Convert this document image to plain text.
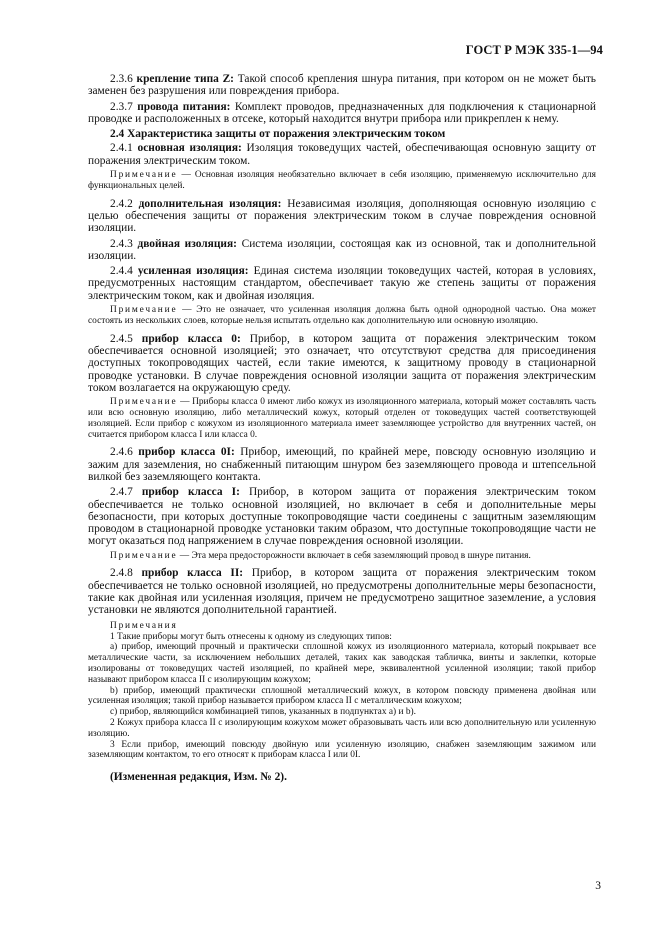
ГОСТ Р МЭК 335-1—94

2.3.6 крепление типа Z: Такой способ крепления шнура питания, при котором он не может быть заменен без разрушения или повреждения прибора.

2.3.7 провода питания: Комплект проводов, предназначенных для подключения к стационарной проводке и расположенных в отсеке, который находится внутри прибора или прикреплен к нему.

2.4 Характеристика защиты от поражения электрическим током

2.4.1 основная изоляция: Изоляция токоведущих частей, обеспечивающая основную защиту от поражения электрическим током.

Примечание — Основная изоляция необязательно включает в себя изоляцию, применяемую исключительно для функциональных целей.

2.4.2 дополнительная изоляция: Независимая изоляция, дополняющая основную изоляцию с целью обеспечения защиты от поражения электрическим током в случае повреждения основной изоляции.

2.4.3 двойная изоляция: Система изоляции, состоящая как из основной, так и дополнительной изоляции.

2.4.4 усиленная изоляция: Единая система изоляции токоведущих частей, которая в условиях, предусмотренных настоящим стандартом, обеспечивает такую же степень защиты от поражения электрическим током, как и двойная изоляция.

Примечание — Это не означает, что усиленная изоляция должна быть одной однородной частью. Она может состоять из нескольких слоев, которые нельзя испытать отдельно как дополнительную или основную изоляцию.

2.4.5 прибор класса 0: Прибор, в котором защита от поражения электрическим током обеспечивается основной изоляцией; это означает, что отсутствуют средства для присоединения доступных токопроводящих частей, если такие имеются, к защитному проводу в стационарной проводке установки. В случае повреждения основной изоляции защита от поражения электрическим током возлагается на окружающую среду.

Примечание — Приборы класса 0 имеют либо кожух из изоляционного материала, который может составлять часть или всю основную изоляцию, либо металлический кожух, который отделен от токоведущих частей соответствующей изоляцией. Если прибор с кожухом из изоляционного материала имеет заземляющее устройство для внутренних частей, он считается прибором класса I или класса 0.

2.4.6 прибор класса 0I: Прибор, имеющий, по крайней мере, повсюду основную изоляцию и зажим для заземления, но снабженный питающим шнуром без заземляющего провода и штепсельной вилкой без заземляющего контакта.

2.4.7 прибор класса I: Прибор, в котором защита от поражения электрическим током обеспечивается не только основной изоляцией, но включает в себя и дополнительные меры безопасности, при которых доступные токопроводящие части соединены с защитным заземляющим проводом в стационарной проводке установки таким образом, что доступные токопроводящие части не могут оказаться под напряжением в случае повреждения основной изоляции.

Примечание — Эта мера предосторожности включает в себя заземляющий провод в шнуре питания.

2.4.8 прибор класса II: Прибор, в котором защита от поражения электрическим током обеспечивается не только основной изоляцией, но предусмотрены дополнительные меры безопасности, такие как двойная или усиленная изоляция, причем не предусмотрено защитное заземление, а условия установки не являются дополнительной гарантией.

Примечания

1 Такие приборы могут быть отнесены к одному из следующих типов:

а) прибор, имеющий прочный и практически сплошной кожух из изоляционного материала, который покрывает все металлические части, за исключением небольших деталей, таких как заводская табличка, винты и заклепки, которые изолированы от токоведущих частей изоляцией, по крайней мере, эквивалентной усиленной изоляции; такой прибор называют прибором класса II с изолирующим кожухом;

b) прибор, имеющий практически сплошной металлический кожух, в котором повсюду применена двойная или усиленная изоляция; такой прибор называется прибором класса II с металлическим кожухом;

c) прибор, являющийся комбинацией типов, указанных в подпунктах а) и b).

2 Кожух прибора класса II с изолирующим кожухом может образовывать часть или всю дополнительную или усиленную изоляцию.

3 Если прибор, имеющий повсюду двойную или усиленную изоляцию, снабжен заземляющим зажимом или заземляющим контактом, то его относят к приборам класса I или 0I.

(Измененная редакция, Изм. № 2).

3
